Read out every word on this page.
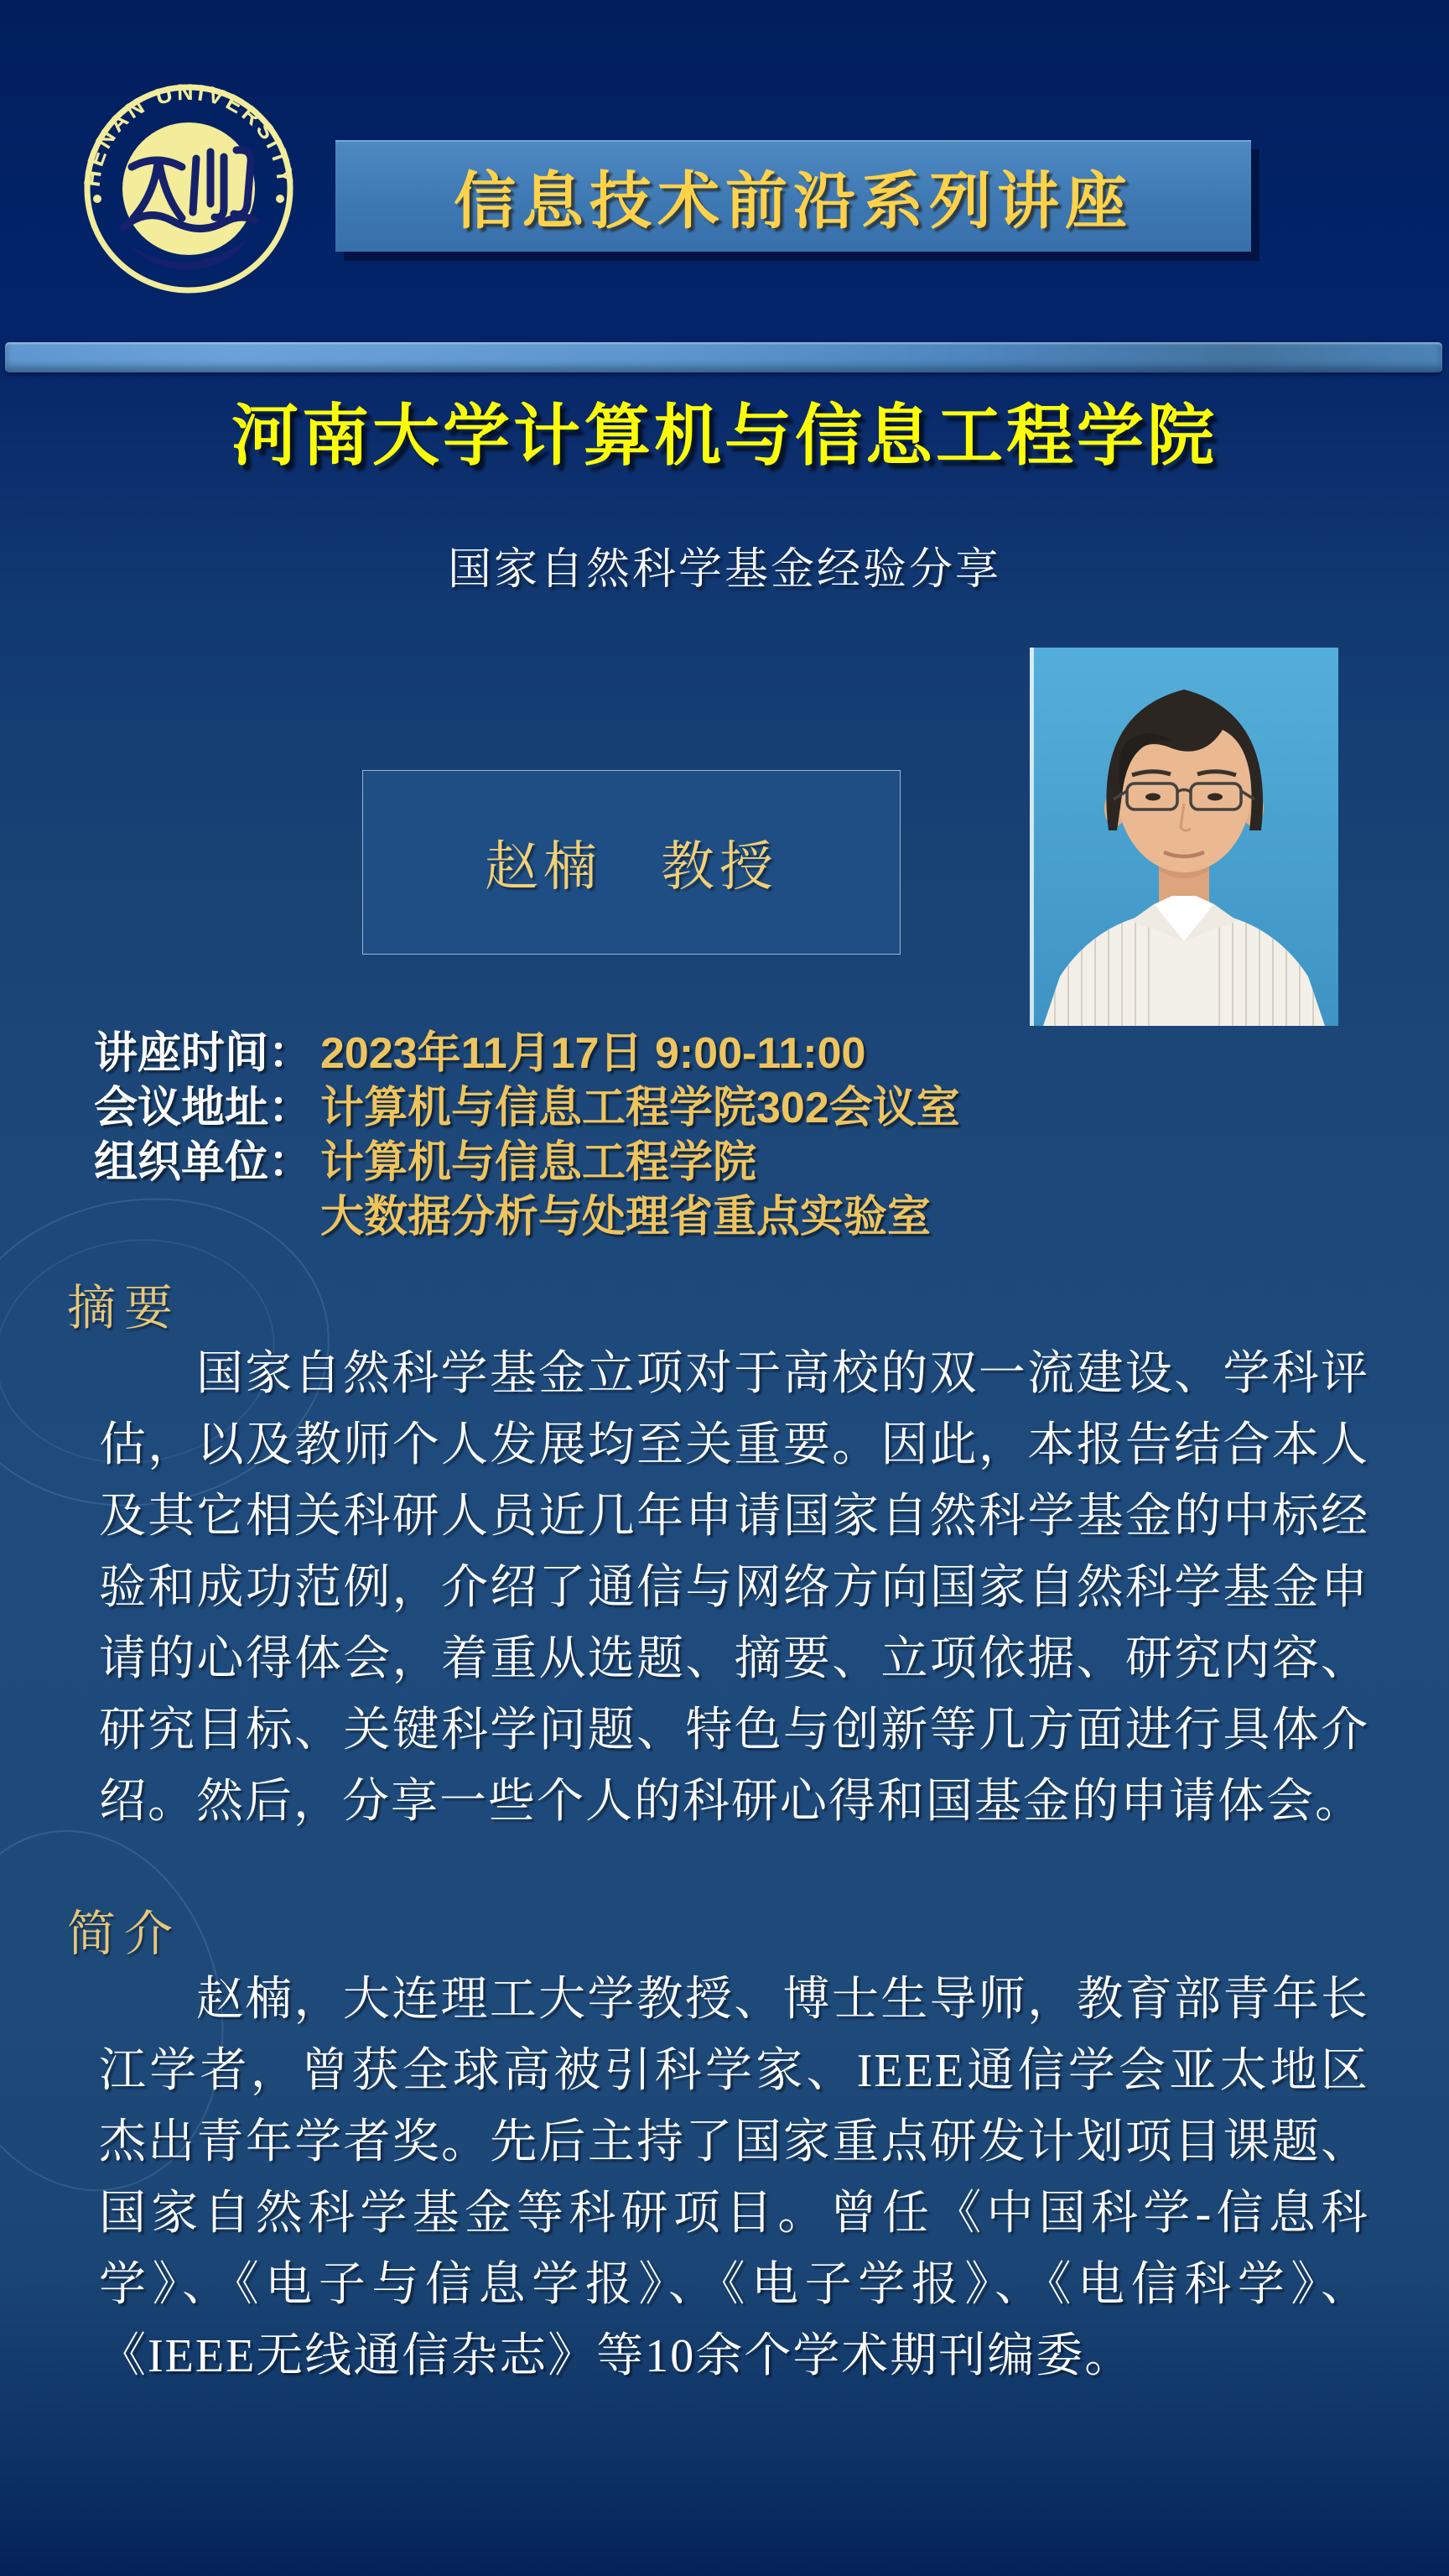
HENAN UNIVERSITY
1912	信息技术前沿系列讲座
河南大学计算机与信息工程学院
国家自然科学基金经验分享
赵楠　教授
讲座时间： 2023年11月17日 9:00-11:00
会议地址： 计算机与信息工程学院302会议室
组织单位： 计算机与信息工程学院
大数据分析与处理省重点实验室
摘要
国家自然科学基金立项对于高校的双一流建设、学科评估，以及教师个人发展均至关重要。因此，本报告结合本人及其它相关科研人员近几年申请国家自然科学基金的中标经验和成功范例，介绍了通信与网络方向国家自然科学基金申请的心得体会，着重从选题、摘要、立项依据、研究内容、研究目标、关键科学问题、特色与创新等几方面进行具体介绍。然后，分享一些个人的科研心得和国基金的申请体会。
简介
赵楠，大连理工大学教授、博士生导师，教育部青年长江学者，曾获全球高被引科学家、IEEE通信学会亚太地区杰出青年学者奖。先后主持了国家重点研发计划项目课题、国家自然科学基金等科研项目。曾任《中国科学-信息科学》、《电子与信息学报》、《电子学报》、《电信科学》、《IEEE无线通信杂志》等10余个学术期刊编委。
